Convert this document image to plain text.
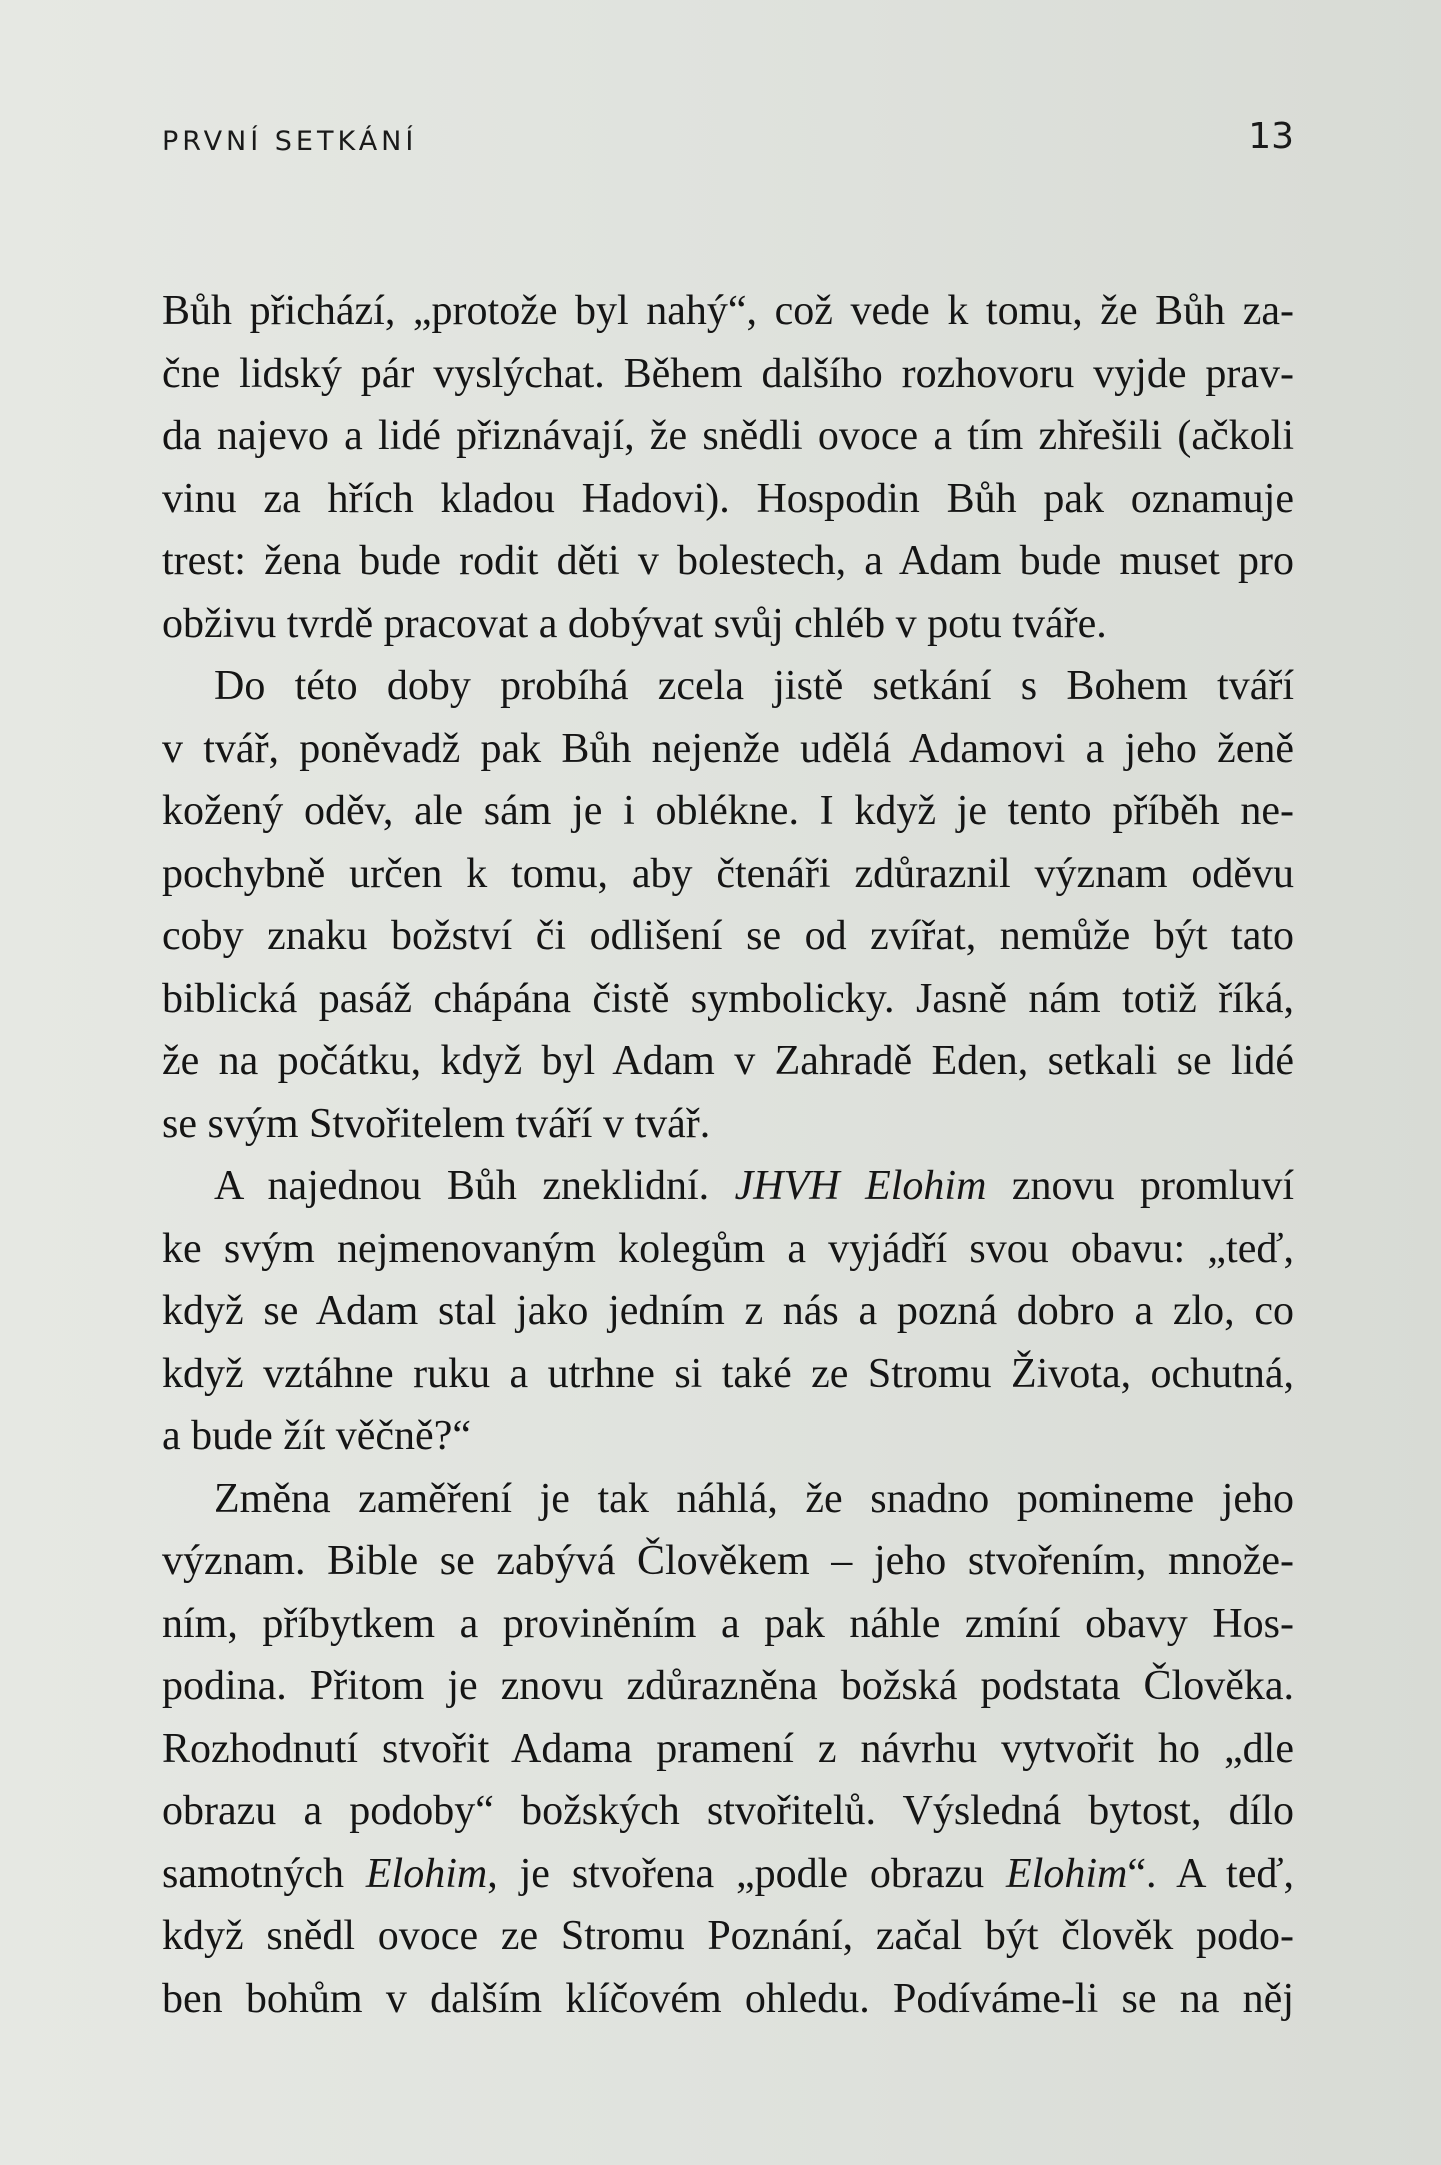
PRVNÍ SETKÁNÍ	13
Bůh přichází, „protože byl nahý“, což vede k tomu, že Bůh za-
čne lidský pár vyslýchat. Během dalšího rozhovoru vyjde prav-
da najevo a lidé přiznávají, že snědli ovoce a tím zhřešili (ačkoli
vinu za hřích kladou Hadovi). Hospodin Bůh pak oznamuje
trest: žena bude rodit děti v bolestech, a Adam bude muset pro
obživu tvrdě pracovat a dobývat svůj chléb v potu tváře.
Do této doby probíhá zcela jistě setkání s Bohem tváří
v tvář, poněvadž pak Bůh nejenže udělá Adamovi a jeho ženě
kožený oděv, ale sám je i oblékne. I když je tento příběh ne-
pochybně určen k tomu, aby čtenáři zdůraznil význam oděvu
coby znaku božství či odlišení se od zvířat, nemůže být tato
biblická pasáž chápána čistě symbolicky. Jasně nám totiž říká,
že na počátku, když byl Adam v Zahradě Eden, setkali se lidé
se svým Stvořitelem tváří v tvář.
A najednou Bůh zneklidní. JHVH Elohim znovu promluví
ke svým nejmenovaným kolegům a vyjádří svou obavu: „teď,
když se Adam stal jako jedním z nás a pozná dobro a zlo, co
když vztáhne ruku a utrhne si také ze Stromu Života, ochutná,
a bude žít věčně?“
Změna zaměření je tak náhlá, že snadno pomineme jeho
význam. Bible se zabývá Člověkem – jeho stvořením, množe-
ním, příbytkem a proviněním a pak náhle zmíní obavy Hos-
podina. Přitom je znovu zdůrazněna božská podstata Člověka.
Rozhodnutí stvořit Adama pramení z návrhu vytvořit ho „dle
obrazu a podoby“ božských stvořitelů. Výsledná bytost, dílo
samotných Elohim, je stvořena „podle obrazu Elohim“. A teď,
když snědl ovoce ze Stromu Poznání, začal být člověk podo-
ben bohům v dalším klíčovém ohledu. Podíváme-li se na něj
